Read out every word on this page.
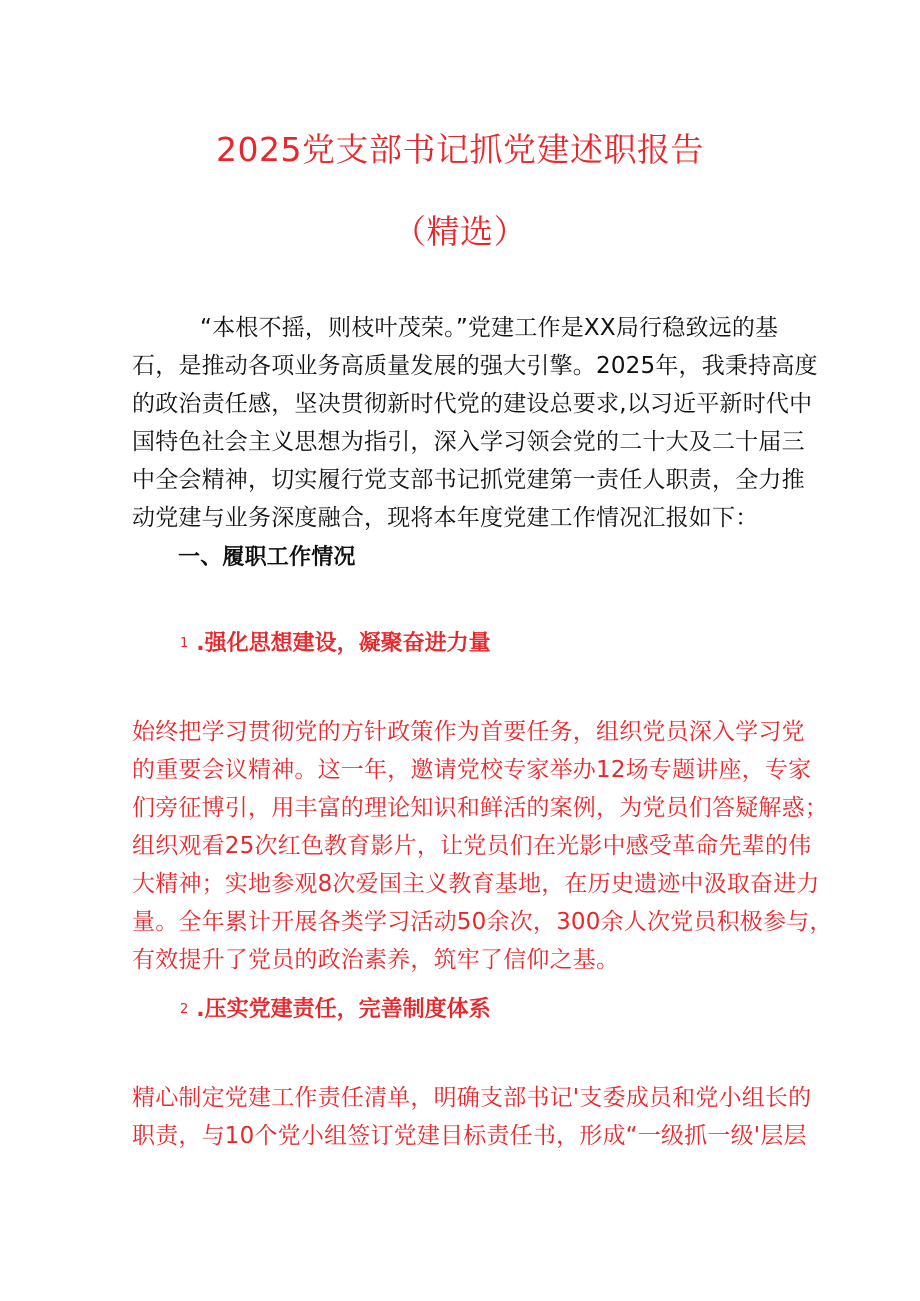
2025党支部书记抓党建述职报告
（精选）
“本根不摇，则枝叶茂荣。”党建工作是XX局行稳致远的基
石，是推动各项业务高质量发展的强大引擎。2025年，我秉持高度
的政治责任感，坚决贯彻新时代党的建设总要求,以习近平新时代中
国特色社会主义思想为指引，深入学习领会党的二十大及二十届三
中全会精神，切实履行党支部书记抓党建第一责任人职责，全力推
动党建与业务深度融合，现将本年度党建工作情况汇报如下：
一、履职工作情况
1 .强化思想建设，凝聚奋进力量
始终把学习贯彻党的方针政策作为首要任务，组织党员深入学习党
的重要会议精神。这一年，邀请党校专家举办12场专题讲座，专家
们旁征博引，用丰富的理论知识和鲜活的案例，为党员们答疑解惑；
组织观看25次红色教育影片，让党员们在光影中感受革命先辈的伟
大精神；实地参观8次爱国主义教育基地，在历史遗迹中汲取奋进力
量。全年累计开展各类学习活动50余次，300余人次党员积极参与，
有效提升了党员的政治素养，筑牢了信仰之基。
2 .压实党建责任，完善制度体系
精心制定党建工作责任清单，明确支部书记'支委成员和党小组长的
职责，与10个党小组签订党建目标责任书，形成“一级抓一级'层层
